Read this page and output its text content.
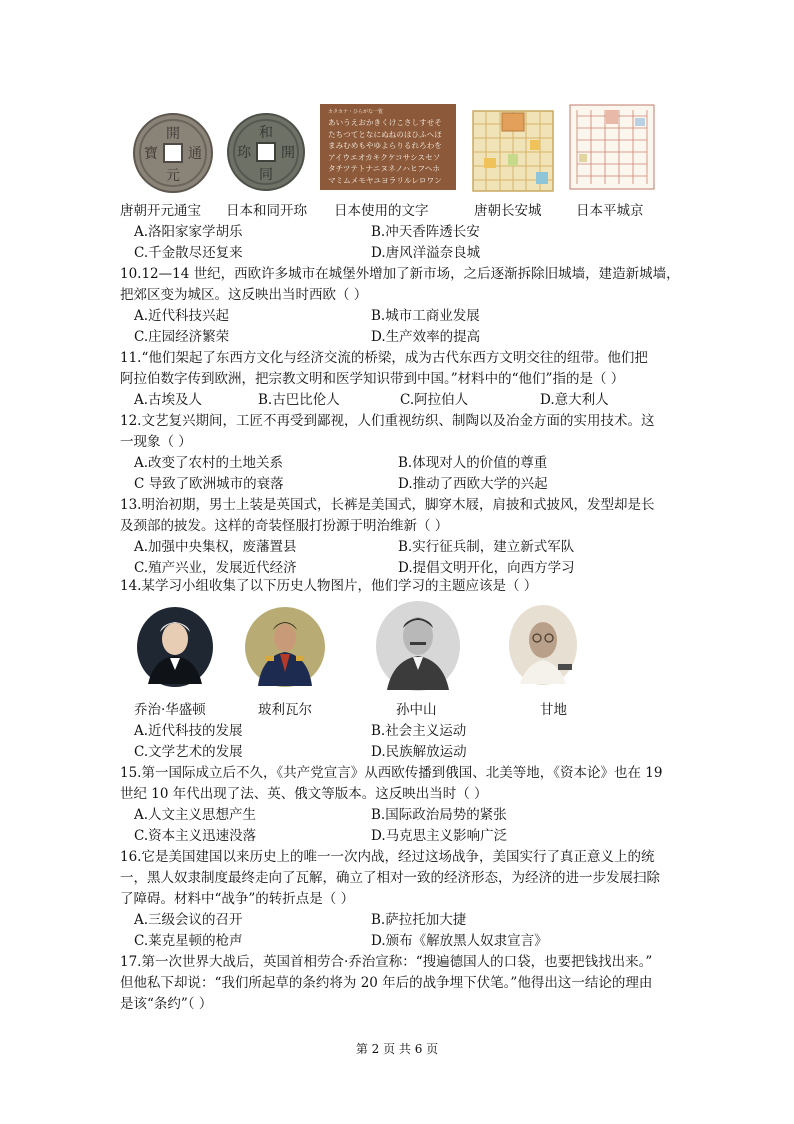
開
元
通
寶
和
同
開
珎
カタカナ・ひらがな一覧
あいうえおかきくけこさしすせそ
たちつてとなにぬねのはひふへほ
まみむめもやゆよらりるれろわを
アイウエオカキクケコサシスセソ
タチツテトナニヌネノハヒフヘホ
マミムメモヤユヨラリルレロワン
唐朝开元通宝 日本和同开珎 日本使用的文字	唐朝长安城	日本平城京
A.洛阳家家学胡乐	B.冲天香阵透长安
C.千金散尽还复来	D.唐风洋溢奈良城
10.12—14 世纪，西欧许多城市在城堡外增加了新市场，之后逐渐拆除旧城墙，建造新城墙，
把郊区变为城区。这反映出当时西欧（ ）
A.近代科技兴起	B.城市工商业发展
C.庄园经济繁荣	D.生产效率的提高
11.“他们架起了东西方文化与经济交流的桥梁，成为古代东西方文明交往的纽带。他们把
阿拉伯数字传到欧洲，把宗教文明和医学知识带到中国。”材料中的“他们”指的是（ ）
A.古埃及人	B.古巴比伦人	C.阿拉伯人	D.意大利人
12.文艺复兴期间，工匠不再受到鄙视，人们重视纺织、制陶以及冶金方面的实用技术。这
一现象（ ）
A.改变了农村的土地关系	B.体现对人的价值的尊重
C 导致了欧洲城市的衰落	D.推动了西欧大学的兴起
13.明治初期，男士上装是英国式，长裤是美国式，脚穿木屐，肩披和式披风，发型却是长
及颈部的披发。这样的奇装怪服打扮源于明治维新（ ）
A.加强中央集权，废藩置县	B.实行征兵制，建立新式军队
C.殖产兴业，发展近代经济	D.提倡文明开化，向西方学习
14.某学习小组收集了以下历史人物图片，他们学习的主题应该是（ ）
乔治·华盛顿	玻利瓦尔	孙中山	甘地
A.近代科技的发展	B.社会主义运动
C.文学艺术的发展	D.民族解放运动
15.第一国际成立后不久，《共产党宣言》从西欧传播到俄国、北美等地，《资本论》也在 19
世纪 10 年代出现了法、英、俄文等版本。这反映出当时（ ）
A.人文主义思想产生	B.国际政治局势的紧张
C.资本主义迅速没落	D.马克思主义影响广泛
16.它是美国建国以来历史上的唯一一次内战，经过这场战争，美国实行了真正意义上的统
一，黑人奴隶制度最终走向了瓦解，确立了相对一致的经济形态，为经济的进一步发展扫除
了障碍。材料中“战争”的转折点是（ ）
A.三级会议的召开	B.萨拉托加大捷
C.莱克星顿的枪声	D.颁布《解放黑人奴隶宣言》
17.第一次世界大战后，英国首相劳合·乔治宣称：“搜遍德国人的口袋，也要把钱找出来。”
但他私下却说：“我们所起草的条约将为 20 年后的战争埋下伏笔。”他得出这一结论的理由
是该“条约”（ ）
第 2 页 共 6 页
